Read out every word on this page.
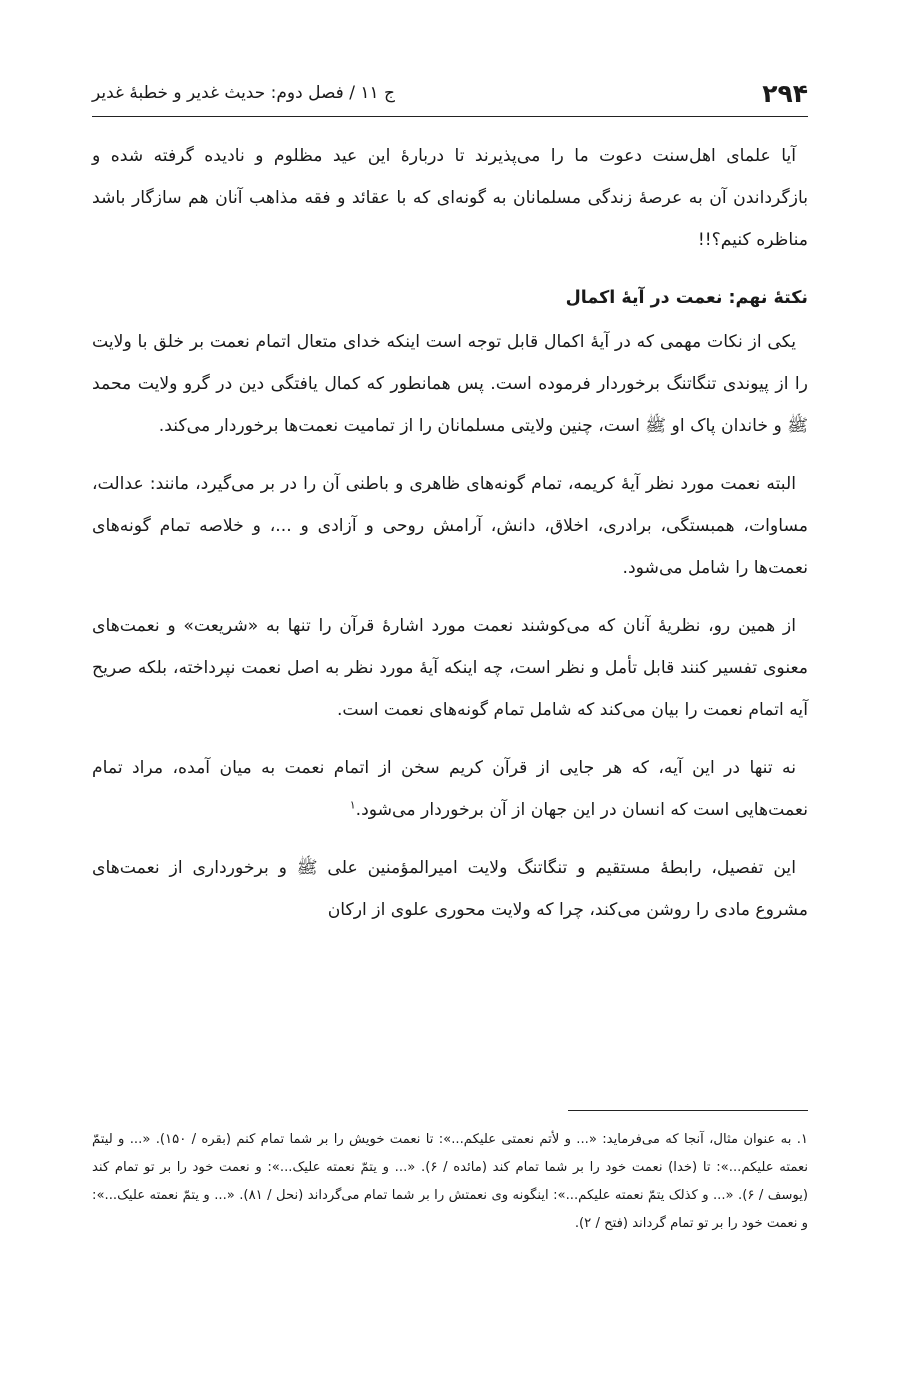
۲۹۴
ج ۱۱ / فصل دوم: حديث غدير و خطبهٔ غدير

آیا علمای اهل‌سنت دعوت ما را می‌پذیرند تا دربارهٔ این عید مظلوم و نادیده گرفته شده و بازگرداندن آن به عرصهٔ زندگی مسلمانان به گونه‌ای که با عقائد و فقه مذاهب آنان هم سازگار باشد مناظره کنیم؟!!

نکتهٔ نهم: نعمت در آیهٔ اکمال

یکی از نکات مهمی که در آیهٔ اکمال قابل توجه است اینکه خدای متعال اتمام نعمت بر خلق با ولایت را از پیوندی تنگاتنگ برخوردار فرموده است. پس همانطور که کمال یافتگی دین در گرو ولایت محمد ﷺ و خاندان پاک او ﷺ است، چنین ولایتی مسلمانان را از تمامیت نعمت‌ها برخوردار می‌کند.

البته نعمت مورد نظر آیهٔ کریمه، تمام گونه‌های ظاهری و باطنی آن را در بر می‌گیرد، مانند: عدالت، مساوات، همبستگی، برادری، اخلاق، دانش، آرامش روحی و آزادی و ...، و خلاصه تمام گونه‌های نعمت‌ها را شامل می‌شود.

از همین رو، نظریهٔ آنان که می‌کوشند نعمت مورد اشارهٔ قرآن را تنها به «شریعت» و نعمت‌های معنوی تفسیر کنند قابل تأمل و نظر است، چه اینکه آیهٔ مورد نظر به اصل نعمت نپرداخته، بلکه صریح آیه اتمام نعمت را بیان می‌کند که شامل تمام گونه‌های نعمت است.

نه تنها در این آیه، که هر جایی از قرآن کریم سخن از اتمام نعمت به میان آمده، مراد تمام نعمت‌هایی است که انسان در این جهان از آن برخوردار می‌شود.$^۱$

این تفصیل، رابطهٔ مستقیم و تنگاتنگ ولایت امیرالمؤمنین علی ﷺ و برخورداری از نعمت‌های مشروع مادی را روشن می‌کند، چرا که ولایت محوری علوی از ارکان

۱. به عنوان مثال، آنجا که می‌فرماید: «... و لأتم نعمتی علیکم...»: تا نعمت خویش را بر شما تمام کنم (بقره / ۱۵۰). «... و لیتمّ نعمته علیکم...»: تا (خدا) نعمت خود را بر شما تمام کند (مائده / ۶). «... و یتمّ نعمته علیک...»: و نعمت خود را بر تو تمام کند (یوسف / ۶). «... و کذلک یتمّ نعمته علیکم...»: اینگونه وی نعمتش را بر شما تمام می‌گرداند (نحل / ۸۱). «... و یتمّ نعمته علیک...»: و نعمت خود را بر تو تمام گرداند (فتح / ۲).
